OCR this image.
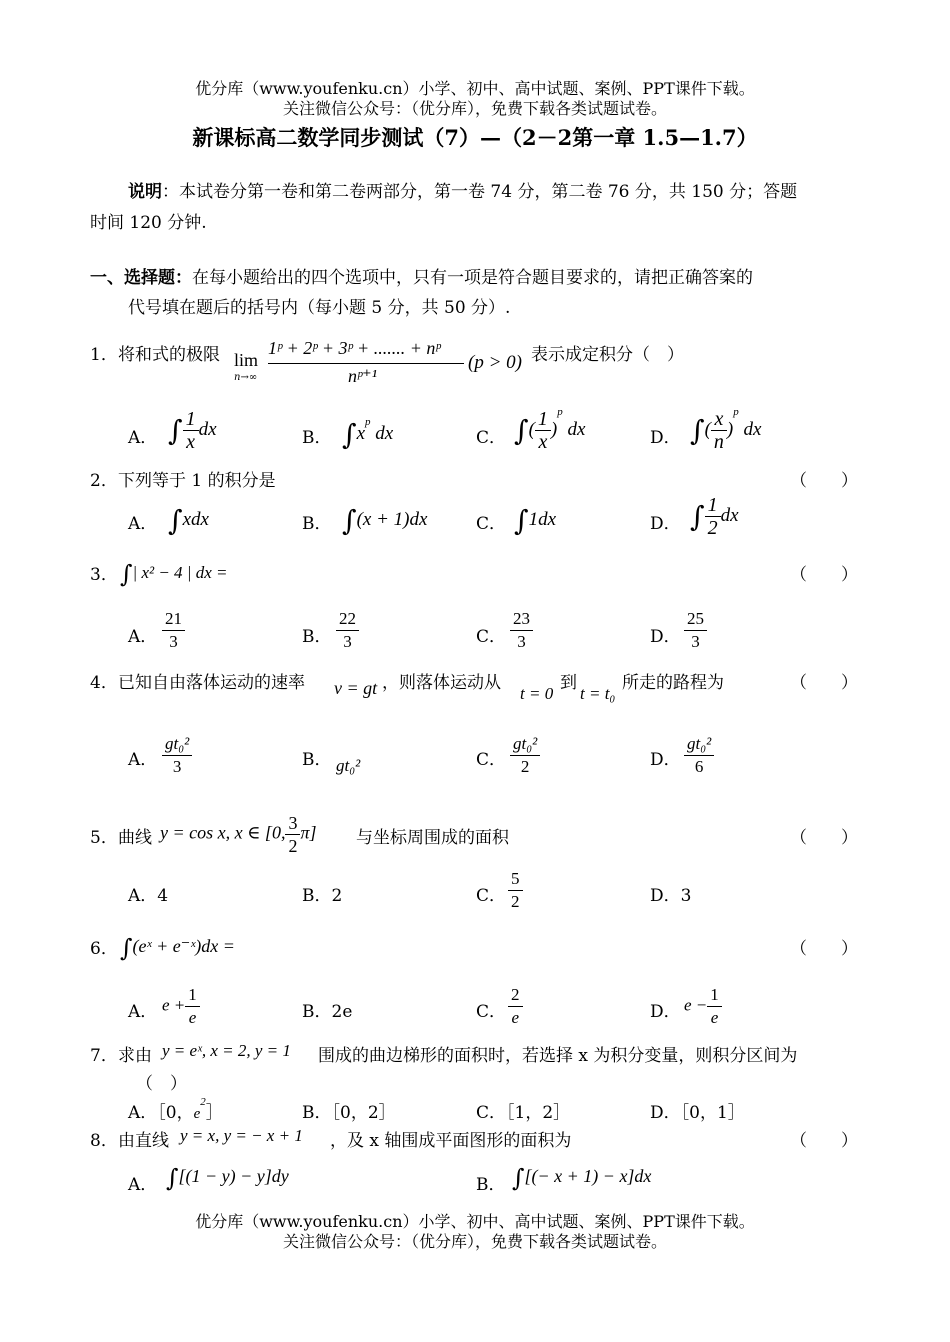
优分库（www.youfenku.cn）小学、初中、高中试题、案例、PPT课件下载。
关注微信公众号：（优分库），免费下载各类试题试卷。
新课标高二数学同步测试（7）—（2－2第一章 1.5—1.7）
说明：本试卷分第一卷和第二卷两部分，第一卷 74 分，第二卷 76 分，共 150 分；答题
时间 120 分钟.
一、选择题：在每小题给出的四个选项中，只有一项是符合题目要求的，请把正确答案的
代号填在题后的括号内（每小题 5 分，共 50 分）.
1． 将和式的极限 lim
n→∞
1ᵖ + 2ᵖ + 3ᵖ + ....... + nᵖ
nᵖ⁺¹
(p > 0) 表示成定积分（　）
A． ∫ $\frac{1}{x}$ dx	B． $\int x^p$ dx	C． ∫( $\frac{1}{x} )^p$ dx	D． ∫( $\frac{x}{n} )^p$ dx
2． 下列等于 1 的积分是	（　　）
A． ∫xdx	B． ∫(x + 1)dx	C． ∫1dx	D． ∫ $\frac{1}{2}$ dx
3． ∫| x² − 4 | dx =	（　　）
A． $\frac{21}{3}$	B． $\frac{22}{3}$	C． $\frac{23}{3}$	D． $\frac{25}{3}$
4． 已知自由落体运动的速率 v = gt ，则落体运动从
t = 0
到
t = t₀
所走的路程为	（　　）
A． $\frac{\text{gt₀²}}{3}$	B． gt₀²	C． $\frac{\text{gt₀²}}{2}$	D． $\frac{\text{gt₀²}}{6}$
5． 曲线 y = cos x, x ∈ [0, $\frac{3}{2} \pi$] 与坐标周围成的面积	（　　）
A．4	B．2	C． $\frac{5}{2}$	D．3
6． ∫(eˣ + e⁻ˣ)dx =	（　　）
A． $e + \frac{1}{e}$	B．2e	C． $\frac{2}{e}$	D． $e - \frac{1}{e}$
7． 求由 y = eˣ, x = 2, y = 1 围成的曲边梯形的面积时，若选择 x 为积分变量，则积分区间为
（　）
A．［0，$e^2]$	B．［0，2］	C．［1，2］	D．［0，1］
8． 由直线 y = x, y = − x + 1 ，及 x 轴围成平面图形的面积为	（　　）
A． ∫[(1 − y) − y]dy	B． ∫[(− x + 1) − x]dx
优分库（www.youfenku.cn）小学、初中、高中试题、案例、PPT课件下载。
关注微信公众号：（优分库），免费下载各类试题试卷。
